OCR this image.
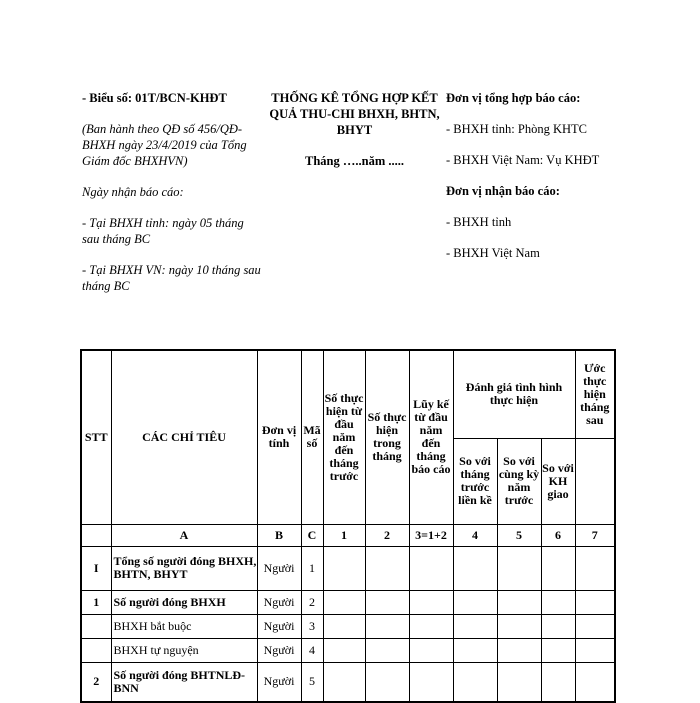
- Biểu số: 01T/BCN-KHĐT
(Ban hành theo QĐ số 456/QĐ-BHXH ngày 23/4/2019 của Tổng Giám đốc BHXHVN)
Ngày nhận báo cáo:
- Tại BHXH tỉnh: ngày 05 tháng sau tháng BC
- Tại BHXH VN: ngày 10 tháng sau tháng BC
THỐNG KÊ TỔNG HỢP KẾT QUẢ THU-CHI BHXH, BHTN, BHYT
Tháng …..năm .....
Đơn vị tổng hợp báo cáo:
- BHXH tỉnh: Phòng KHTC
- BHXH Việt Nam: Vụ KHĐT
Đơn vị nhận báo cáo:
- BHXH tỉnh
- BHXH Việt Nam
STT	CÁC CHỈ TIÊU	Đơn vị tính	Mã số	Số thực hiện từ đầu năm đến tháng trước	Số thực hiện trong tháng	Lũy kế từ đầu năm đến tháng báo cáo	Đánh giá tình hình thực hiện			Ước thực hiện tháng sau
							So với tháng trước liền kề	So với cùng kỳ năm trước	So với KH giao	
	A	B	C	1	2	3=1+2	4	5	6	7
I	Tổng số người đóng BHXH, BHTN, BHYT	Người	1							
1	Số người đóng BHXH	Người	2							
	BHXH bắt buộc	Người	3							
	BHXH tự nguyện	Người	4							
2	Số người đóng BHTNLĐ-BNN	Người	5							
